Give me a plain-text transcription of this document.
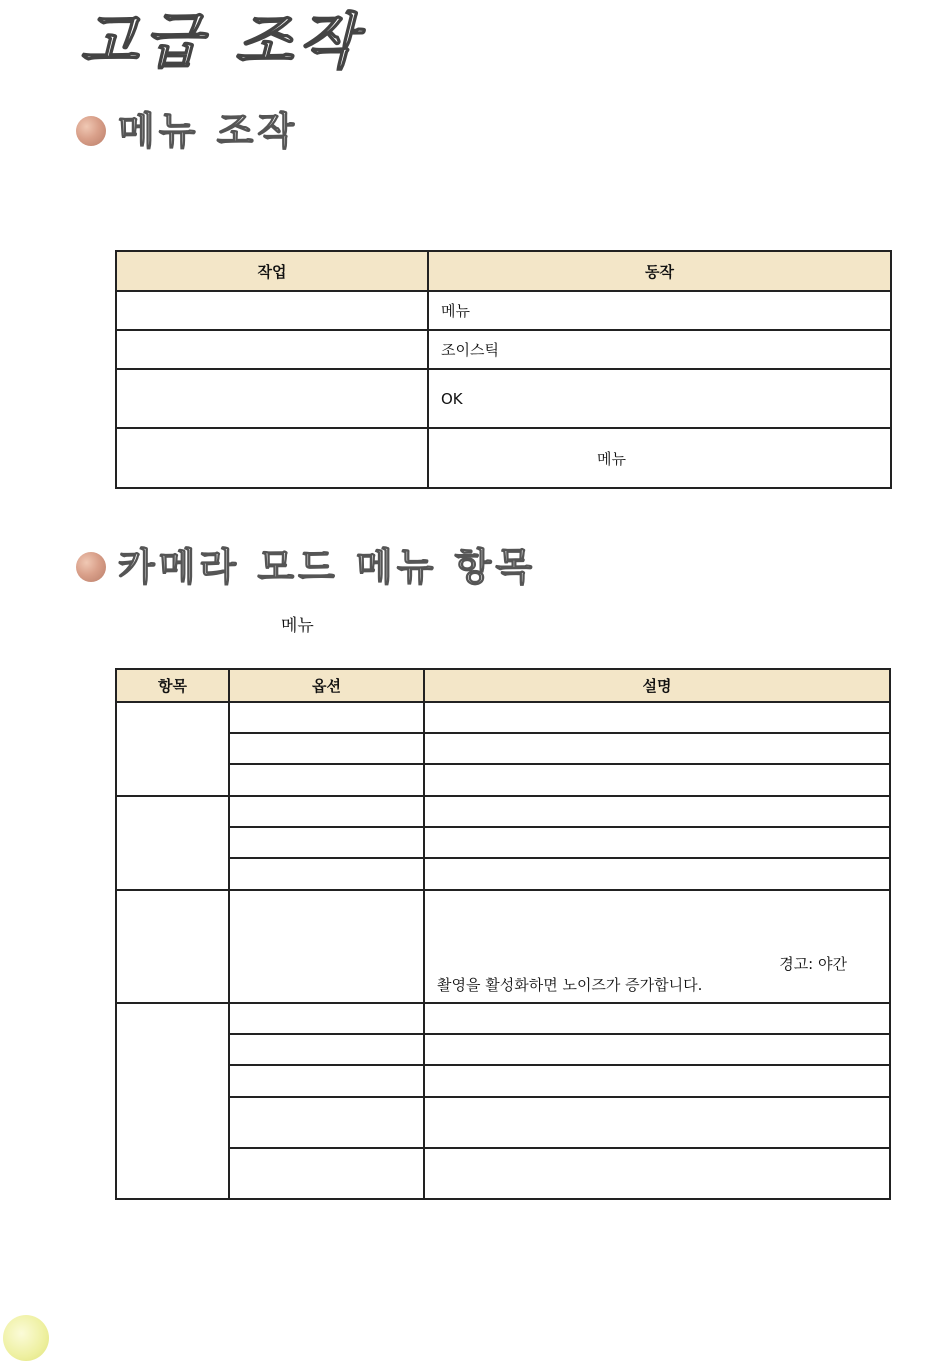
고급 조작
메뉴 조작
작업	동작
	메뉴
	조이스틱
	OK
	메뉴
카메라 모드 메뉴 항목
메뉴
항목	옵션	설명

		경고: 야간
촬영을 활성화하면 노이즈가 증가합니다.
